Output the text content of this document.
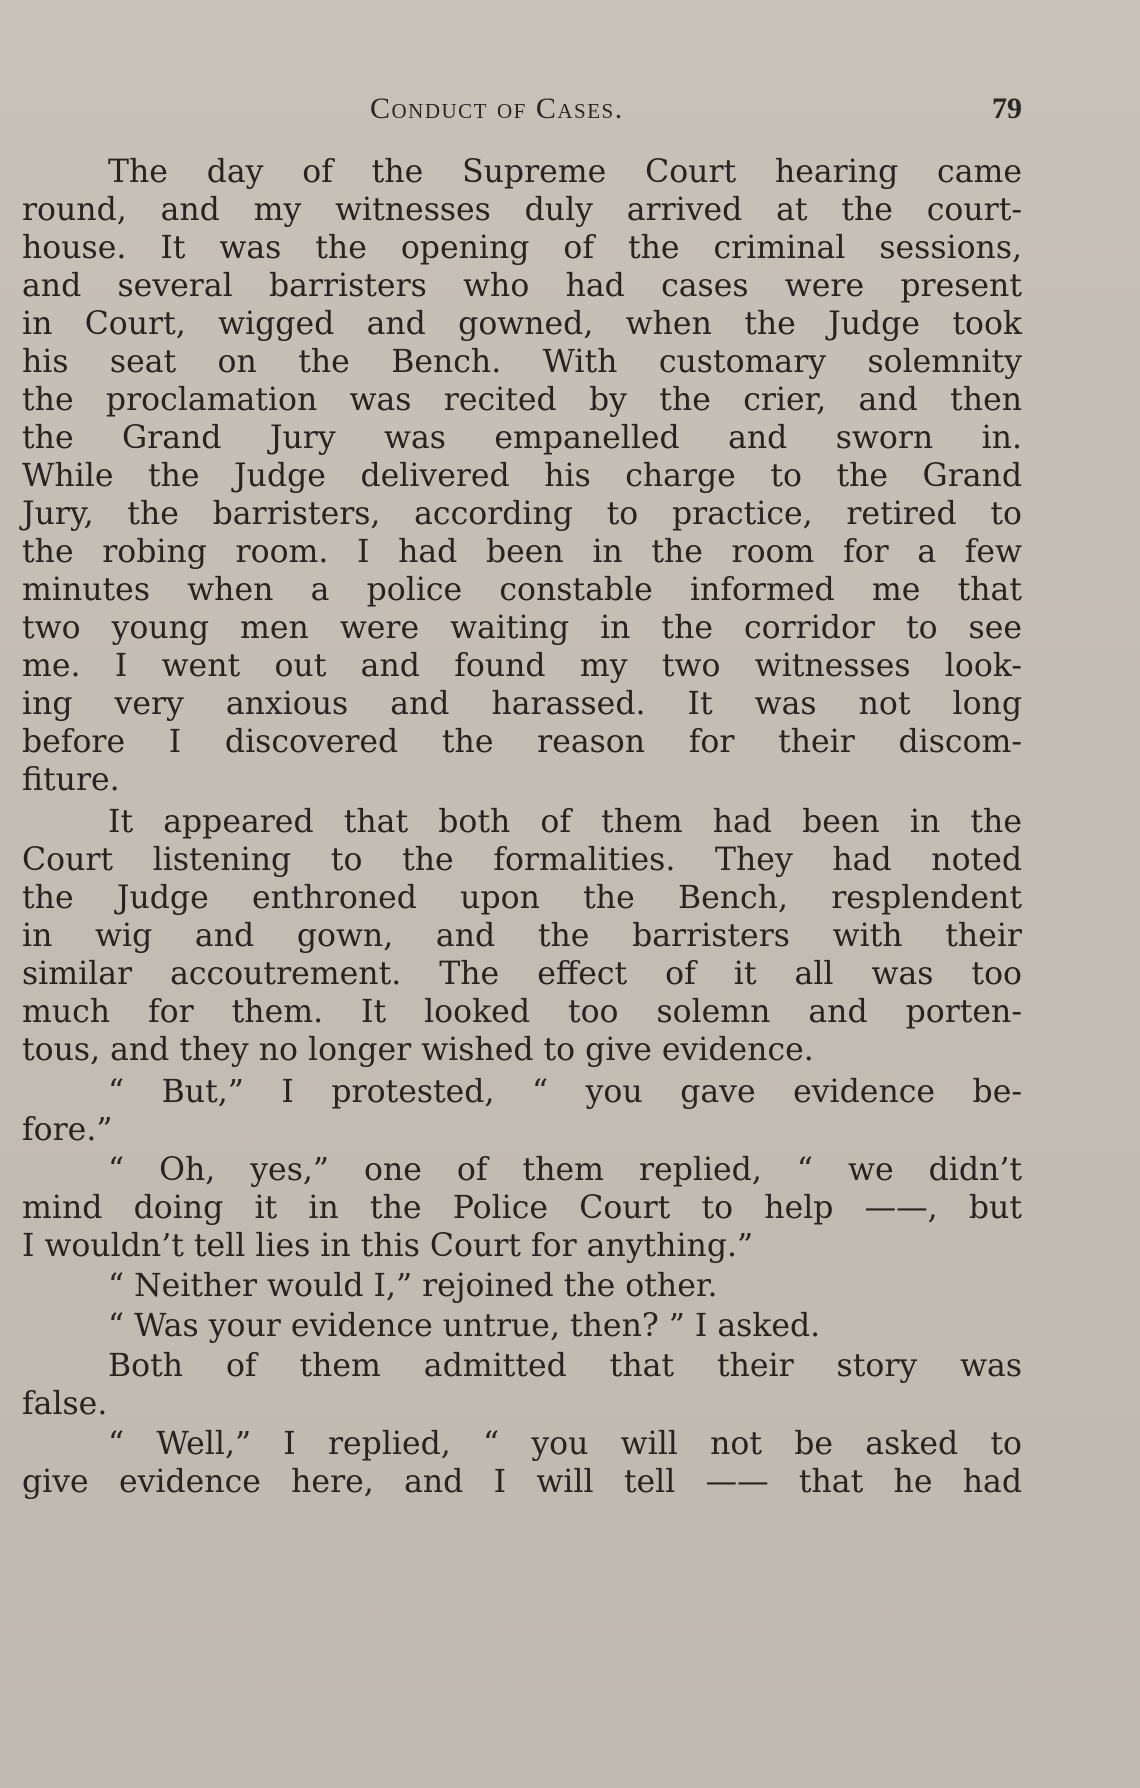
Conduct of Cases.	79
The day of the Supreme Court hearing came
round, and my witnesses duly arrived at the court-
house. It was the opening of the criminal sessions,
and several barristers who had cases were present
in Court, wigged and gowned, when the Judge took
his seat on the Bench. With customary solemnity
the proclamation was recited by the crier, and then
the Grand Jury was empanelled and sworn in.
While the Judge delivered his charge to the Grand
Jury, the barristers, according to practice, retired to
the robing room. I had been in the room for a few
minutes when a police constable informed me that
two young men were waiting in the corridor to see
me. I went out and found my two witnesses look-
ing very anxious and harassed. It was not long
before I discovered the reason for their discom-
fiture.
It appeared that both of them had been in the
Court listening to the formalities. They had noted
the Judge enthroned upon the Bench, resplendent
in wig and gown, and the barristers with their
similar accoutrement. The effect of it all was too
much for them. It looked too solemn and porten-
tous, and they no longer wished to give evidence.
“ But,” I protested, “ you gave evidence be-
fore.”
“ Oh, yes,” one of them replied, “ we didn’t
mind doing it in the Police Court to help ——, but
I wouldn’t tell lies in this Court for anything.”
“ Neither would I,” rejoined the other.
“ Was your evidence untrue, then? ” I asked.
Both of them admitted that their story was
false.
“ Well,” I replied, “ you will not be asked to
give evidence here, and I will tell —— that he had
